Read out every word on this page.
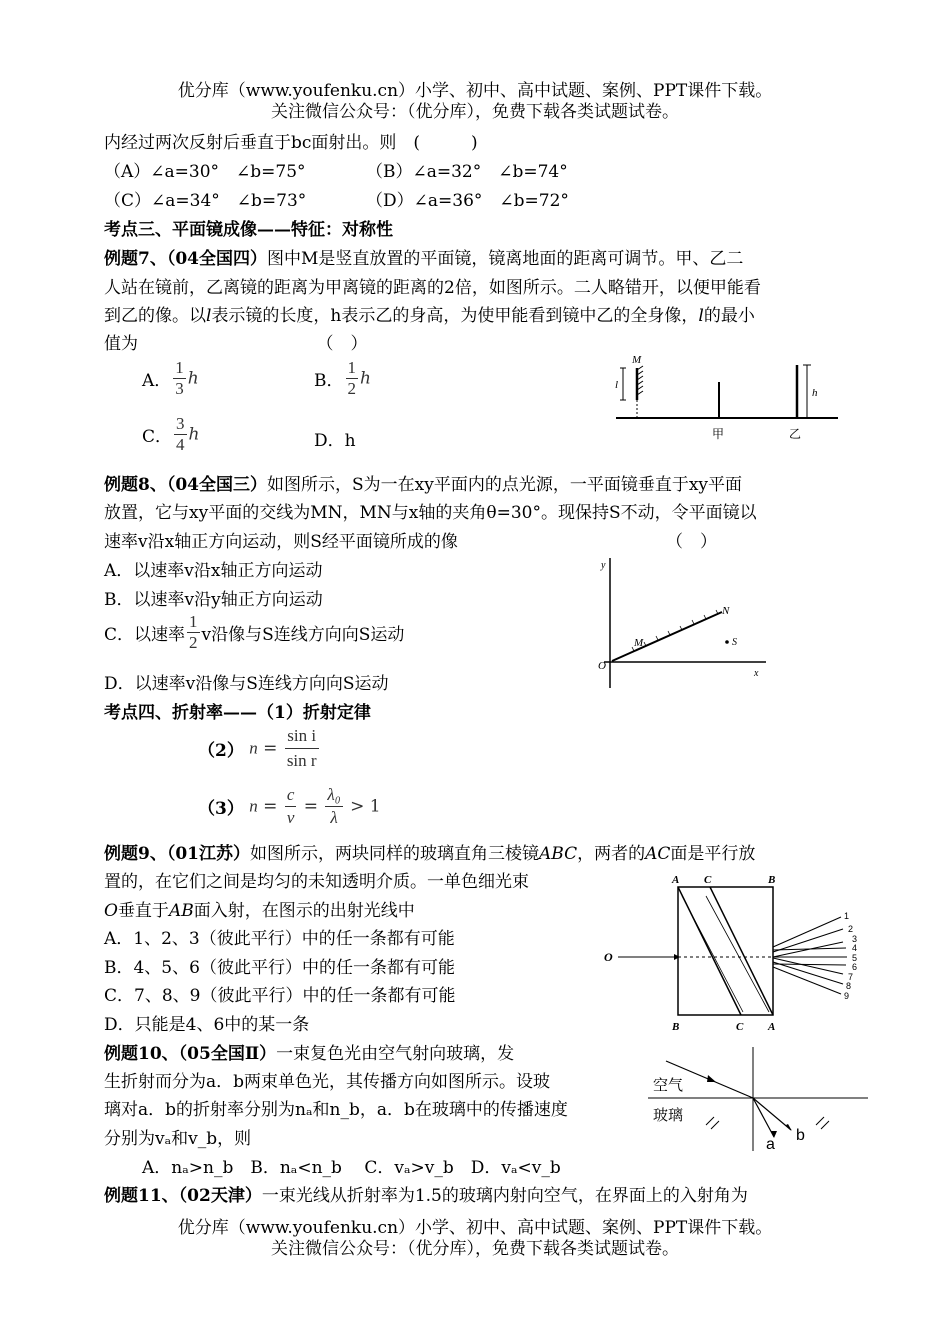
优分库（www.youfenku.cn）小学、初中、高中试题、案例、PPT课件下载。
关注微信公众号：（优分库），免费下载各类试题试卷。
内经过两次反射后垂直于bc面射出。则　(　　　)
（A）∠a=30°　∠b=75°	（B）∠a=32°　∠b=74°
（C）∠a=34°　∠b=73°	（D）∠a=36°　∠b=72°
考点三、平面镜成像——特征：对称性
例题7、（04全国四）图中M是竖直放置的平面镜，镜离地面的距离可调节。甲、乙二
人站在镜前，乙离镜的距离为甲离镜的距离的2倍，如图所示。二人略错开，以便甲能看
到乙的像。以l表示镜的长度，h表示乙的身高，为使甲能看到镜中乙的全身像，l的最小
值为　　　　　　　　　　　（　）
A． $\frac{1}{3}$ h	B． $\frac{1}{2}$ h
C． $\frac{3}{4}$ h	D．h
M
l
h
甲	乙
例题8、（04全国三）如图所示，S为一在xy平面内的点光源，一平面镜垂直于xy平面
放置，它与xy平面的交线为MN，MN与x轴的夹角θ=30°。现保持S不动，令平面镜以
速率v沿x轴正方向运动，则S经平面镜所成的像	（　）
A．以速率v沿x轴正方向运动
B．以速率v沿y轴正方向运动
C．以速率 $\frac{1}{2}$ v沿像与S连线方向向S运动
D．以速率v沿像与S连线方向向S运动
y
x
O
M
N
S
考点四、折射率——（1）折射定律
（2） $n = \frac{\text{sin i}}{\text{sin r}}$
（3） $n = \frac{c}{v} = \frac{\text{λ₀}}{\lambda} > 1$
例题9、（01江苏）如图所示，两块同样的玻璃直角三棱镜ABC，两者的AC面是平行放
置的，在它们之间是均匀的未知透明介质。一单色细光束
O垂直于AB面入射，在图示的出射光线中
A．1、2、3（彼此平行）中的任一条都有可能
B．4、5、6（彼此平行）中的任一条都有可能
C．7、8、9（彼此平行）中的任一条都有可能
D．只能是4、6中的某一条
A C	B
B	C A
O
1
2
3
4
5
6
7
8
9
例题10、（05全国Ⅱ）一束复色光由空气射向玻璃，发
生折射而分为a．b两束单色光，其传播方向如图所示。设玻
璃对a．b的折射率分别为nₐ和n_b，a．b在玻璃中的传播速度
分别为vₐ和v_b，则
A．nₐ>n_b　B．nₐ<n_b　 C．vₐ>v_b　D．vₐ<v_b
空气
玻璃
a
b
例题11、（02天津）一束光线从折射率为1.5的玻璃内射向空气，在界面上的入射角为
优分库（www.youfenku.cn）小学、初中、高中试题、案例、PPT课件下载。
关注微信公众号：（优分库），免费下载各类试题试卷。
